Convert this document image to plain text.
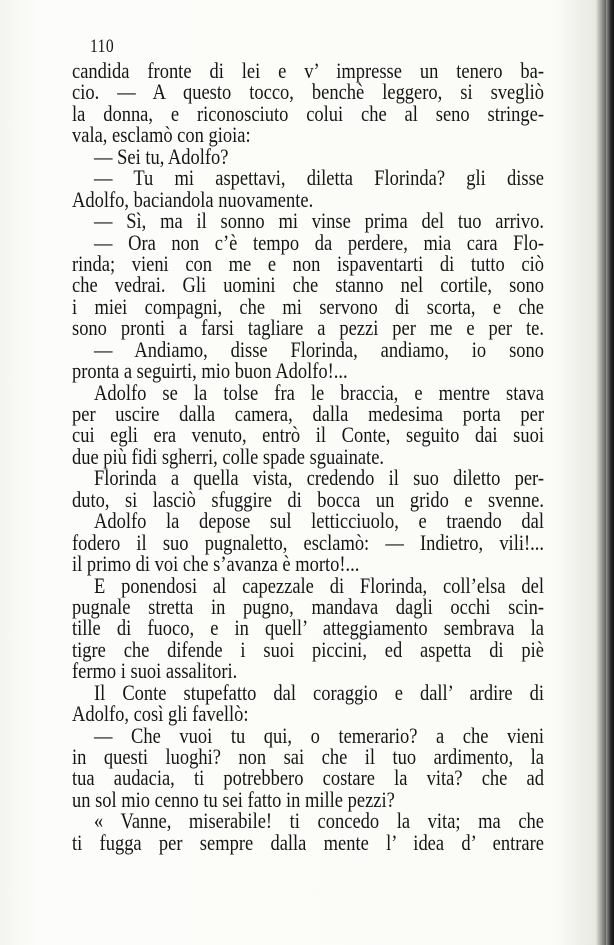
110
candida fronte di lei e v’ impresse un tenero ba-
cio. — A questo tocco, benchè leggero, si svegliò
la donna, e riconosciuto colui che al seno stringe-
vala, esclamò con gioia:
— Sei tu, Adolfo?
— Tu mi aspettavi, diletta Florinda? gli disse
Adolfo, baciandola nuovamente.
— Sì, ma il sonno mi vinse prima del tuo arrivo.
— Ora non c’è tempo da perdere, mia cara Flo-
rinda; vieni con me e non ispaventarti di tutto ciò
che vedrai. Gli uomini che stanno nel cortile, sono
i miei compagni, che mi servono di scorta, e che
sono pronti a farsi tagliare a pezzi per me e per te.
— Andiamo, disse Florinda, andiamo, io sono
pronta a seguirti, mio buon Adolfo!...
Adolfo se la tolse fra le braccia, e mentre stava
per uscire dalla camera, dalla medesima porta per
cui egli era venuto, entrò il Conte, seguito dai suoi
due più fidi sgherri, colle spade sguainate.
Florinda a quella vista, credendo il suo diletto per-
duto, si lasciò sfuggire di bocca un grido e svenne.
Adolfo la depose sul letticciuolo, e traendo dal
fodero il suo pugnaletto, esclamò: — Indietro, vili!...
il primo di voi che s’avanza è morto!...
E ponendosi al capezzale di Florinda, coll’elsa del
pugnale stretta in pugno, mandava dagli occhi scin-
tille di fuoco, e in quell’ atteggiamento sembrava la
tigre che difende i suoi piccini, ed aspetta di piè
fermo i suoi assalitori.
Il Conte stupefatto dal coraggio e dall’ ardire di
Adolfo, così gli favellò:
— Che vuoi tu qui, o temerario? a che vieni
in questi luoghi? non sai che il tuo ardimento, la
tua audacia, ti potrebbero costare la vita? che ad
un sol mio cenno tu sei fatto in mille pezzi?
« Vanne, miserabile! ti concedo la vita; ma che
ti fugga per sempre dalla mente l’ idea d’ entrare
